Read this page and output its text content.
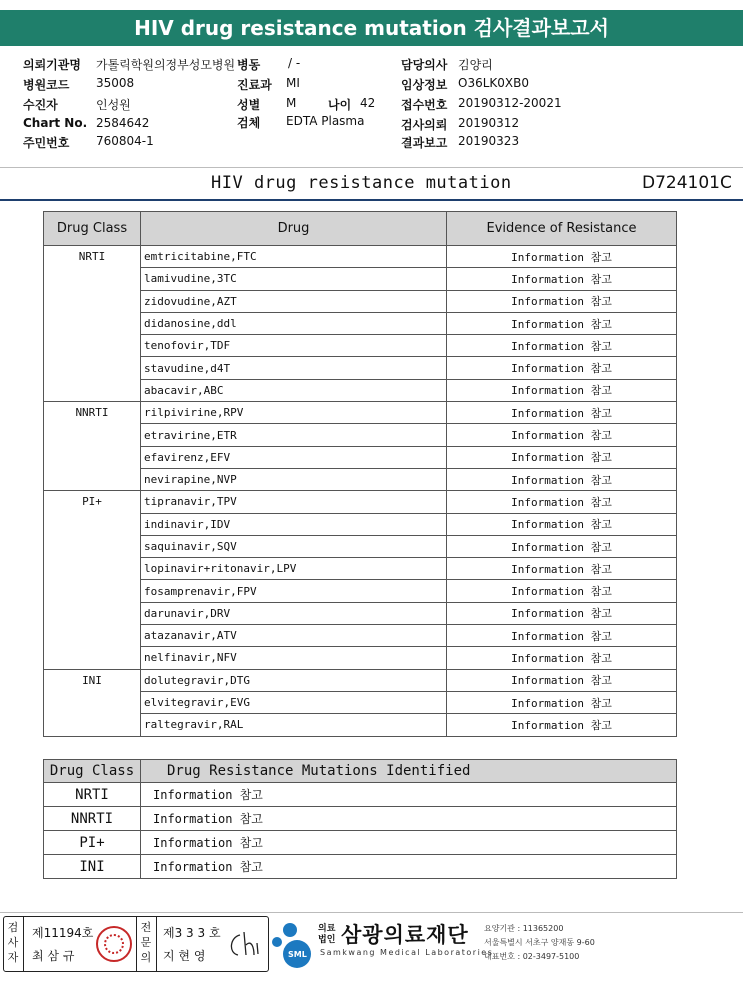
HIV drug resistance mutation 검사결과보고서
의뢰기관명 가톨릭학원의정부성모병원 병동 / -	담당의사 김양리
병원코드 35008	진료과 MI	임상정보 O36LK0XB0
수진자	인성원	성별 M	나이 42 접수번호 20190312-20021
Chart No. 2584642	검체 EDTA Plasma	검사의뢰 20190312
주민번호 760804-1	결과보고 20190323
HIV drug resistance mutation	D724101C
Drug Class	Drug	Evidence of Resistance
NRTI	emtricitabine,FTC	Information 참고
	lamivudine,3TC	Information 참고
	zidovudine,AZT	Information 참고
	didanosine,ddl	Information 참고
	tenofovir,TDF	Information 참고
	stavudine,d4T	Information 참고
	abacavir,ABC	Information 참고
NNRTI	rilpivirine,RPV	Information 참고
	etravirine,ETR	Information 참고
	efavirenz,EFV	Information 참고
	nevirapine,NVP	Information 참고
PI+	tipranavir,TPV	Information 참고
	indinavir,IDV	Information 참고
	saquinavir,SQV	Information 참고
	lopinavir+ritonavir,LPV	Information 참고
	fosamprenavir,FPV	Information 참고
	darunavir,DRV	Information 참고
	atazanavir,ATV	Information 참고
	nelfinavir,NFV	Information 참고
INI	dolutegravir,DTG	Information 참고
	elvitegravir,EVG	Information 참고
	raltegravir,RAL	Information 참고
Drug Class	Drug Resistance Mutations Identified
NRTI	Information 참고
NNRTI	Information 참고
PI+	Information 참고
INI	Information 참고
검
사
자
제11194호
최 삼 규
전
문
의
제3 3 3 호
지 현 영	SML
의료
법인 삼광의료재단
Samkwang Medical Laboratories
요양기관 : 11365200
서울특별시 서초구 양재동 9-60
대표번호 : 02-3497-5100
